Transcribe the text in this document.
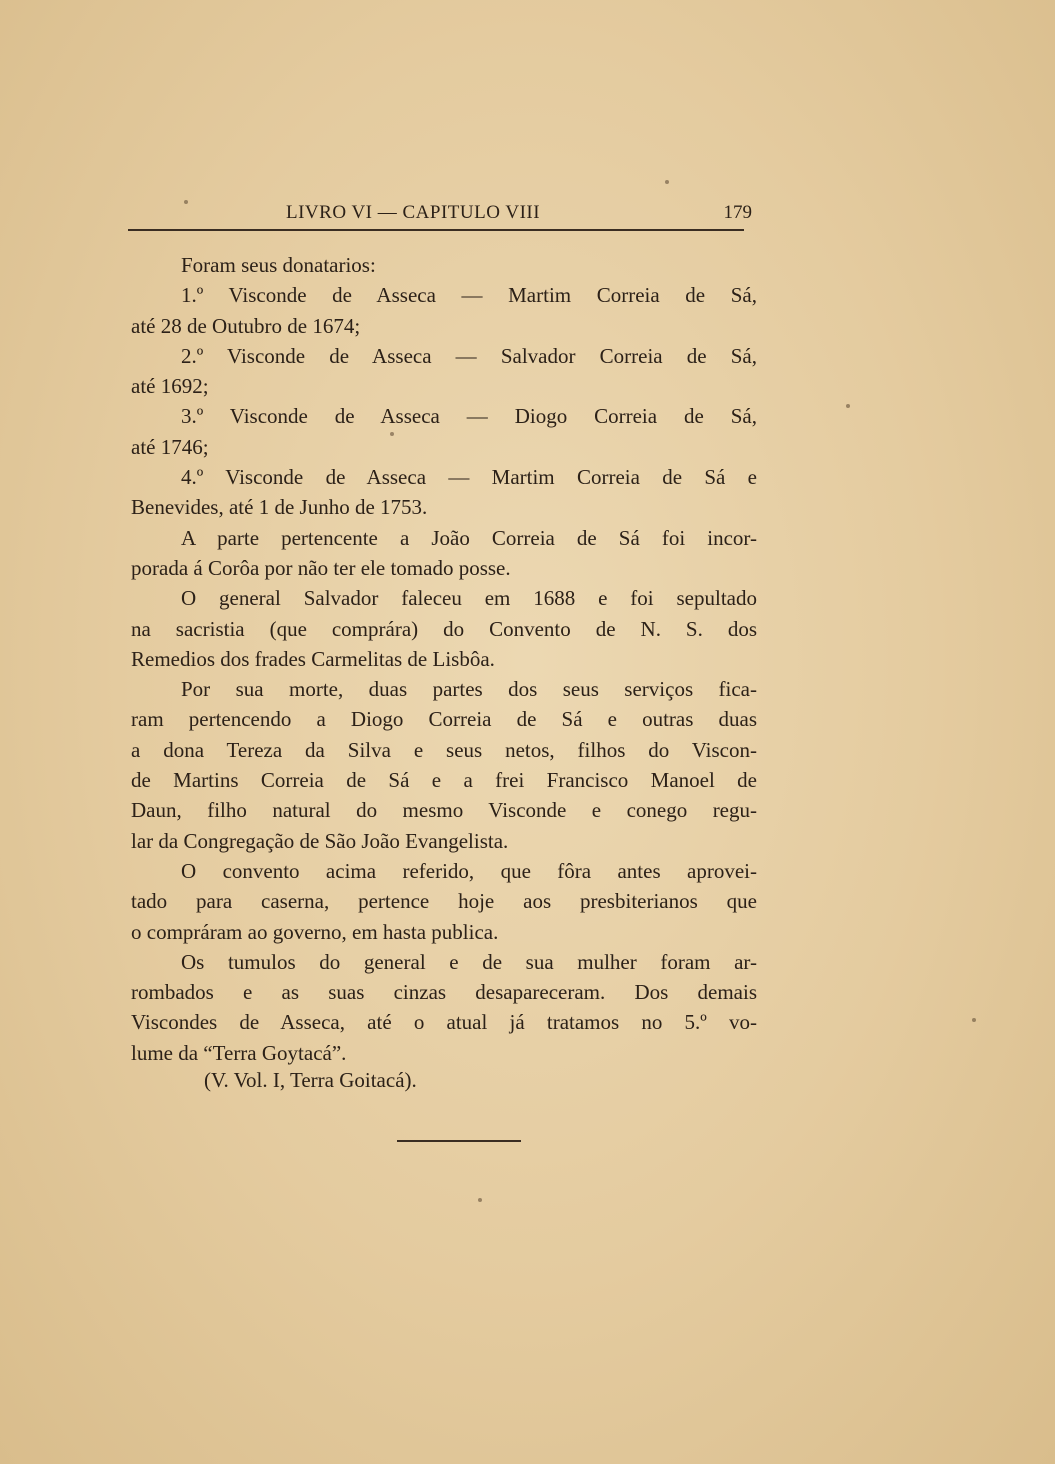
LIVRO VI — CAPITULO VIII	179
Foram seus donatarios:
1.º Visconde de Asseca — Martim Correia de Sá,
até 28 de Outubro de 1674;
2.º Visconde de Asseca — Salvador Correia de Sá,
até 1692;
3.º Visconde de Asseca — Diogo Correia de Sá,
até 1746;
4.º Visconde de Asseca — Martim Correia de Sá e
Benevides, até 1 de Junho de 1753.
A parte pertencente a João Correia de Sá foi incor-
porada á Corôa por não ter ele tomado posse.
O general Salvador faleceu em 1688 e foi sepultado
na sacristia (que comprára) do Convento de N. S. dos
Remedios dos frades Carmelitas de Lisbôa.
Por sua morte, duas partes dos seus serviços fica-
ram pertencendo a Diogo Correia de Sá e outras duas
a dona Tereza da Silva e seus netos, filhos do Viscon-
de Martins Correia de Sá e a frei Francisco Manoel de
Daun, filho natural do mesmo Visconde e conego regu-
lar da Congregação de São João Evangelista.
O convento acima referido, que fôra antes aprovei-
tado para caserna, pertence hoje aos presbiterianos que
o compráram ao governo, em hasta publica.
Os tumulos do general e de sua mulher foram ar-
rombados e as suas cinzas desapareceram. Dos demais
Viscondes de Asseca, até o atual já tratamos no 5.º vo-
lume da “Terra Goytacá”.
(V. Vol. I, Terra Goitacá).
